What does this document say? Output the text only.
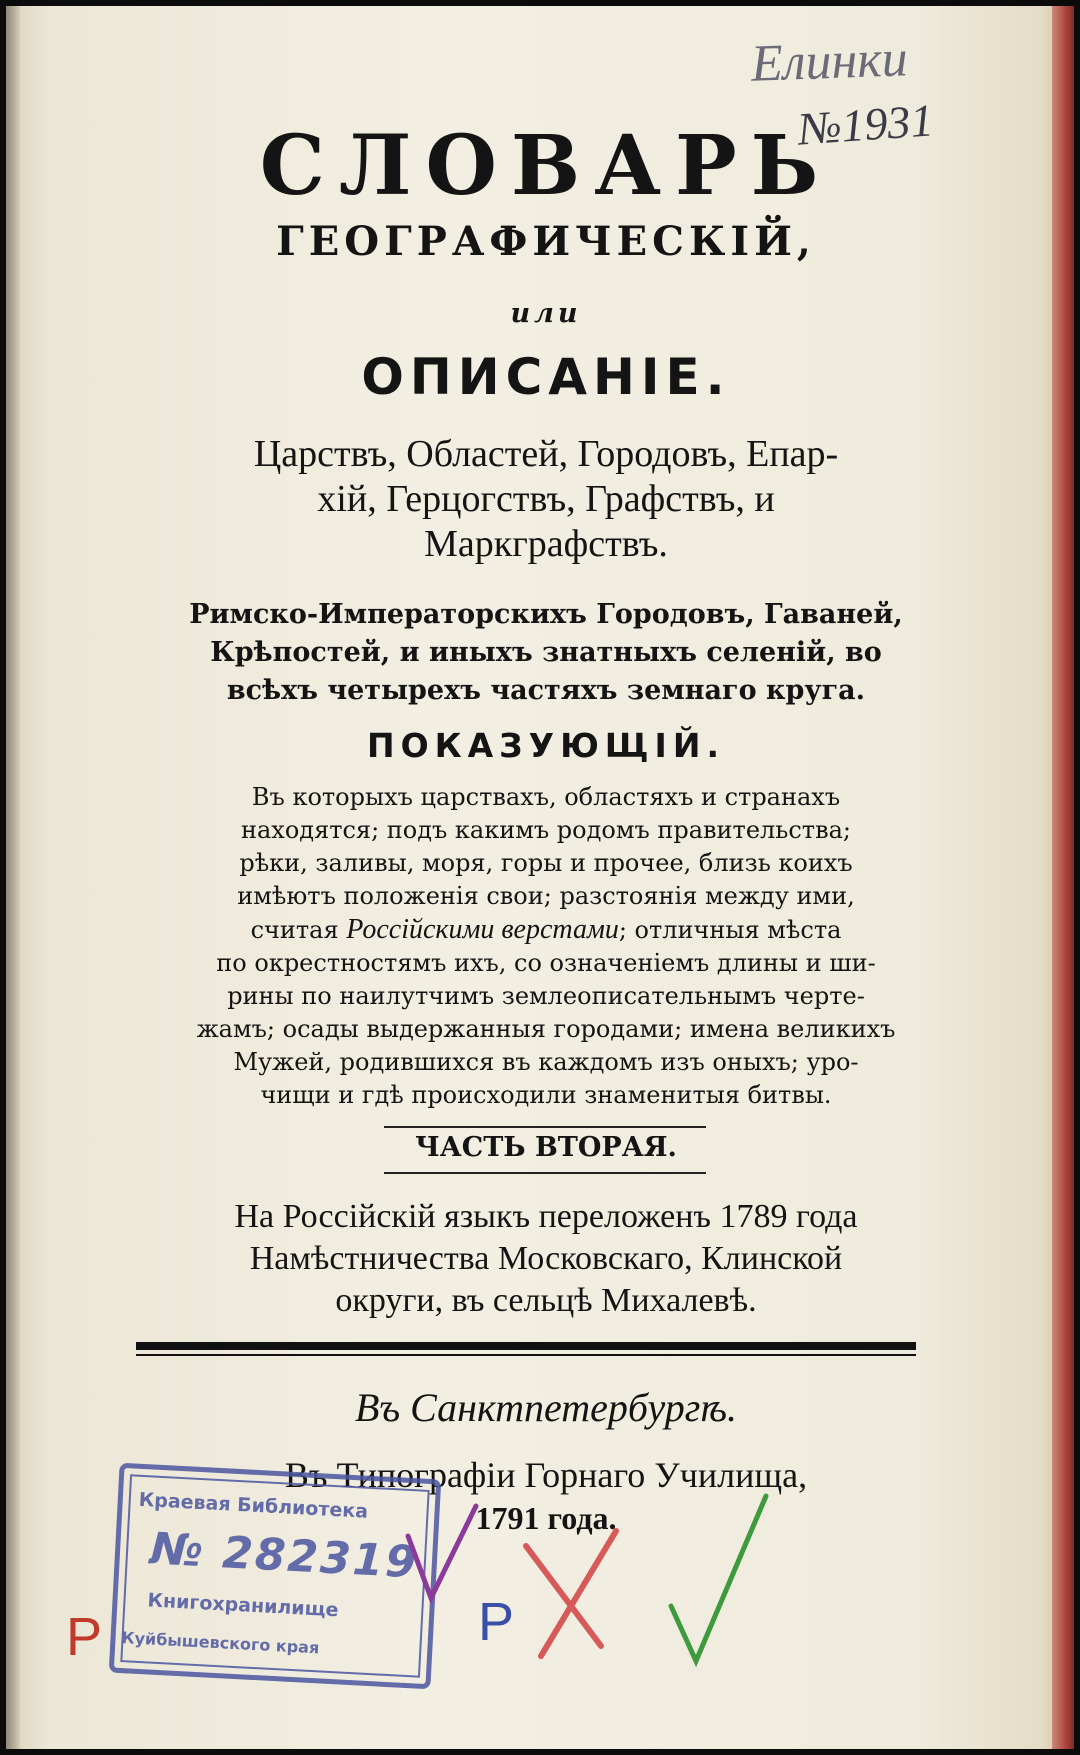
Елинки
№1931
СЛОВАРЬ
ГЕОГРАФИЧЕСКІЙ,
или
ОПИСАНІЕ.
Царствъ, Областей, Городовъ, Епар-
хій, Герцогствъ, Графствъ, и
Маркграфствъ.
Римско-Императорскихъ Городовъ, Гаваней,
Крѣпостей, и иныхъ знатныхъ селеній, во
всѣхъ четырехъ частяхъ земнаго круга.
ПОКАЗУЮЩІЙ.
Въ которыхъ царствахъ, областяхъ и странахъ
находятся; подъ какимъ родомъ правительства;
рѣки, заливы, моря, горы и прочее, близь коихъ
имѣютъ положенія свои; разстоянія между ими,
считая Россійскими верстами; отличныя мѣста
по окрестностямъ ихъ, со означеніемъ длины и ши-
рины по наилутчимъ землеописательнымъ черте-
жамъ; осады выдержанныя городами; имена великихъ
Мужей, родившихся въ каждомъ изъ оныхъ; уро-
чищи и гдѣ происходили знаменитыя битвы.
ЧАСТЬ ВТОРАЯ.
На Россійскій языкъ переложенъ 1789 года
Намѣстничества Московскаго, Клинской
округи, въ сельцѣ Михалевѣ.
Въ Санктпетербургѣ.
Въ Типографіи Горнаго Училища,
1791 года.
Краевая Библиотека
№ 282319
Книгохранилище
Куйбышевского края
P	P
